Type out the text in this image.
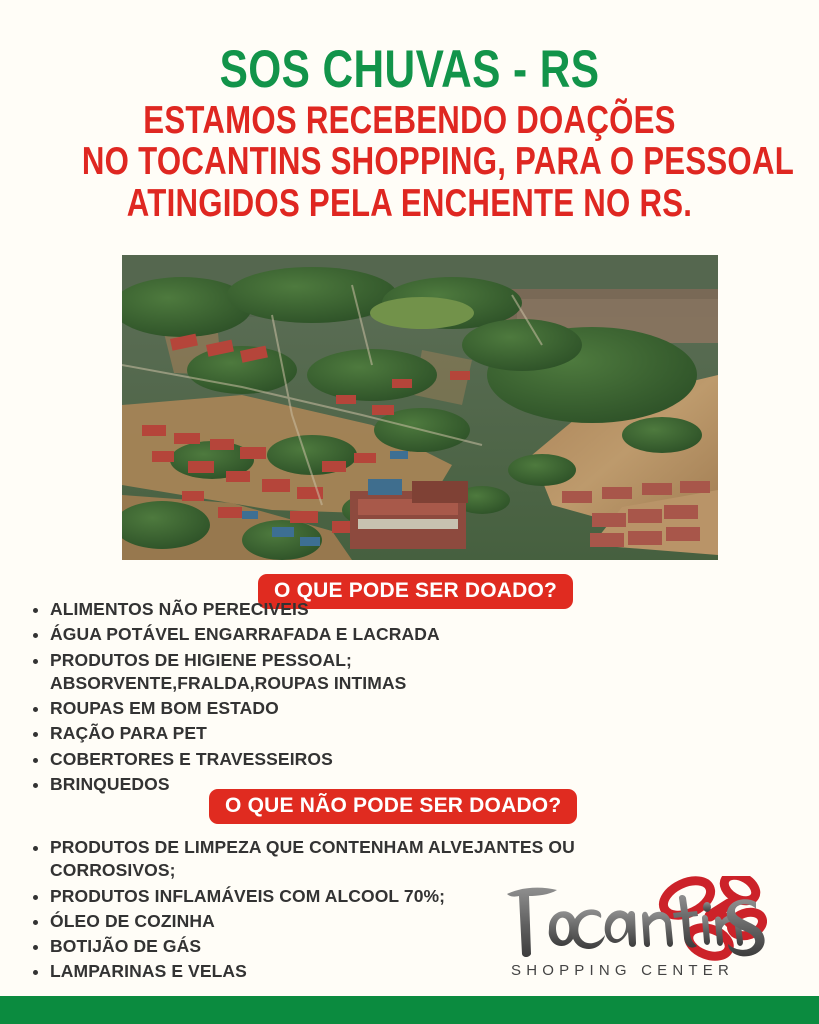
SOS CHUVAS - RS
ESTAMOS RECEBENDO DOAÇÕES
NO TOCANTINS SHOPPING, PARA O PESSOAL
ATINGIDOS PELA ENCHENTE NO RS.
O QUE PODE SER DOADO?
ALIMENTOS NÃO PERECIVEIS
ÁGUA POTÁVEL ENGARRAFADA E LACRADA
PRODUTOS DE HIGIENE PESSOAL;
ABSORVENTE,FRALDA,ROUPAS INTIMAS
ROUPAS EM BOM ESTADO
RAÇÃO PARA PET
COBERTORES E TRAVESSEIROS
BRINQUEDOS
O QUE NÃO PODE SER DOADO?
PRODUTOS DE LIMPEZA QUE CONTENHAM ALVEJANTES OU
CORROSIVOS;
PRODUTOS INFLAMÁVEIS COM ALCOOL 70%;
ÓLEO DE COZINHA
BOTIJÃO DE GÁS
LAMPARINAS E VELAS	SHOPPING CENTER
